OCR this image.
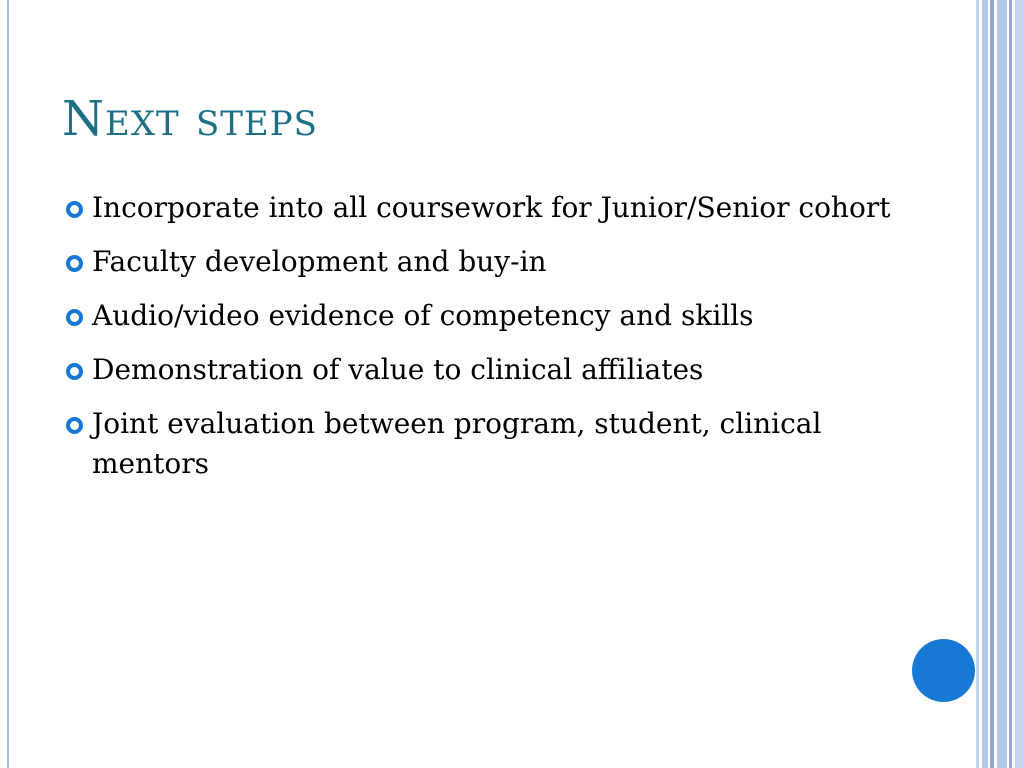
Next steps
Incorporate into all coursework for Junior/Senior cohort
Faculty development and buy-in
Audio/video evidence of competency and skills
Demonstration of value to clinical affiliates
Joint evaluation between program, student, clinical mentors
